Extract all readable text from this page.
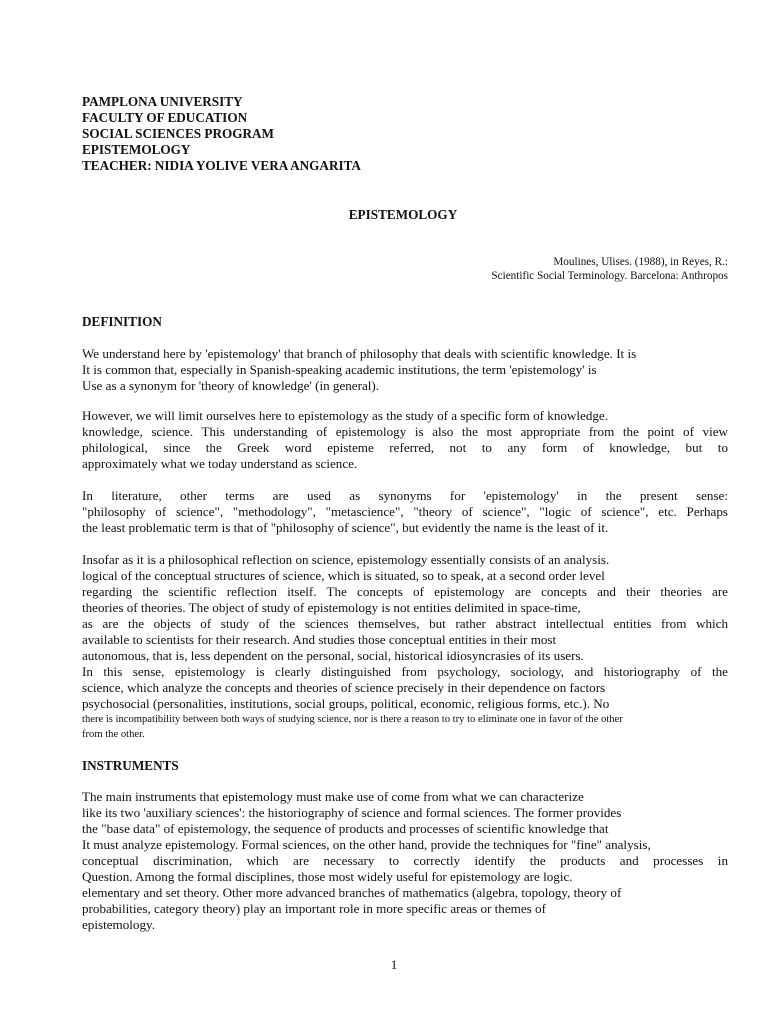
PAMPLONA UNIVERSITY
FACULTY OF EDUCATION
SOCIAL SCIENCES PROGRAM
EPISTEMOLOGY
TEACHER: NIDIA YOLIVE VERA ANGARITA
EPISTEMOLOGY
Moulines, Ulises. (1988), in Reyes, R.:
Scientific Social Terminology. Barcelona: Anthropos
DEFINITION
We understand here by 'epistemology' that branch of philosophy that deals with scientific knowledge. It is
It is common that, especially in Spanish-speaking academic institutions, the term 'epistemology' is
Use as a synonym for 'theory of knowledge' (in general).
However, we will limit ourselves here to epistemology as the study of a specific form of knowledge.
knowledge, science. This understanding of epistemology is also the most appropriate from the point of view
philological, since the Greek word episteme referred, not to any form of knowledge, but to
approximately what we today understand as science.
In literature, other terms are used as synonyms for 'epistemology' in the present sense:
"philosophy of science", "methodology", "metascience", "theory of science", "logic of science", etc. Perhaps
the least problematic term is that of "philosophy of science", but evidently the name is the least of it.
Insofar as it is a philosophical reflection on science, epistemology essentially consists of an analysis.
logical of the conceptual structures of science, which is situated, so to speak, at a second order level
regarding the scientific reflection itself. The concepts of epistemology are concepts and their theories are
theories of theories. The object of study of epistemology is not entities delimited in space-time,
as are the objects of study of the sciences themselves, but rather abstract intellectual entities from which
available to scientists for their research. And studies those conceptual entities in their most
autonomous, that is, less dependent on the personal, social, historical idiosyncrasies of its users.
In this sense, epistemology is clearly distinguished from psychology, sociology, and historiography of the
science, which analyze the concepts and theories of science precisely in their dependence on factors
psychosocial (personalities, institutions, social groups, political, economic, religious forms, etc.). No
there is incompatibility between both ways of studying science, nor is there a reason to try to eliminate one in favor of the other
from the other.
INSTRUMENTS
The main instruments that epistemology must make use of come from what we can characterize
like its two 'auxiliary sciences': the historiography of science and formal sciences. The former provides
the "base data" of epistemology, the sequence of products and processes of scientific knowledge that
It must analyze epistemology. Formal sciences, on the other hand, provide the techniques for "fine" analysis,
conceptual discrimination, which are necessary to correctly identify the products and processes in
Question. Among the formal disciplines, those most widely useful for epistemology are logic.
elementary and set theory. Other more advanced branches of mathematics (algebra, topology, theory of
probabilities, category theory) play an important role in more specific areas or themes of
epistemology.
1
